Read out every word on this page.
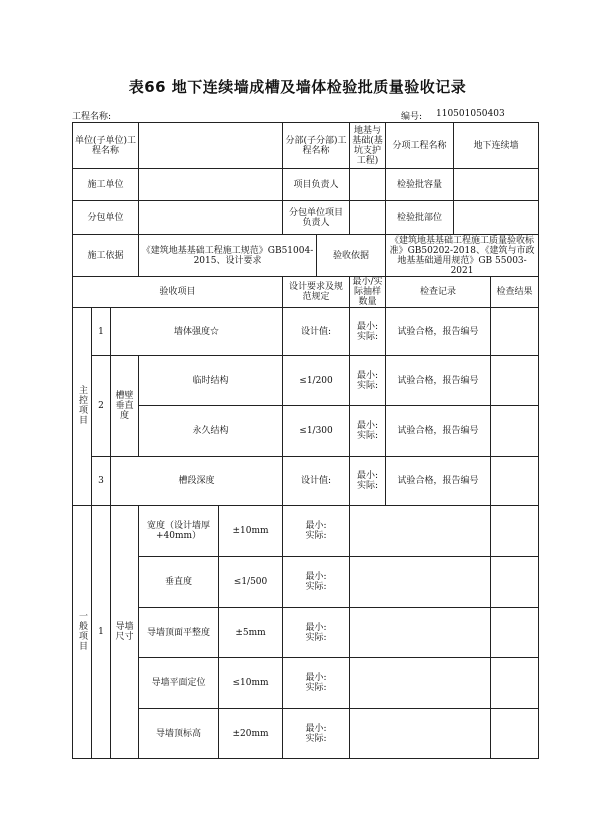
表66 地下连续墙成槽及墙体检验批质量验收记录
工程名称:	编号: 110501050403
单位(子单位)工程名称					分部(子分部)工程名称		地基与基础(基坑支护工程)	分项工程名称	地下连续墙	
施工单位					项目负责人			检验批容量		
分包单位					分包单位项目负责人			检验批部位		
施工依据			《建筑地基基础工程施工规范》GB51004-2015、设计要求			验收依据		《建筑地基基础工程施工质量验收标准》GB50202-2018、《建筑与市政地基基础通用规范》GB 55003-2021		
验收项目					设计要求及规范规定		最小/实际抽样数量	检查记录		检查结果
主控项目	1	墙体强度☆			设计值:		最小:
实际:	试验合格，报告编号		
	2	槽壁垂直度	临时结构		≤1/200		最小:
实际:	试验合格，报告编号		
			永久结构		≤1/300		最小:
实际:	试验合格，报告编号		
	3	槽段深度			设计值:		最小:
实际:	试验合格，报告编号		
一般项目	1	导墙尺寸	宽度（设计墙厚+40mm）	±10mm	最小:
实际:					

			垂直度	≤1/500	最小:
实际:					

			导墙顶面平整度	±5mm	最小:
实际:					

			导墙平面定位	≤10mm	最小:
实际:					

			导墙顶标高	±20mm	最小:
实际:					
